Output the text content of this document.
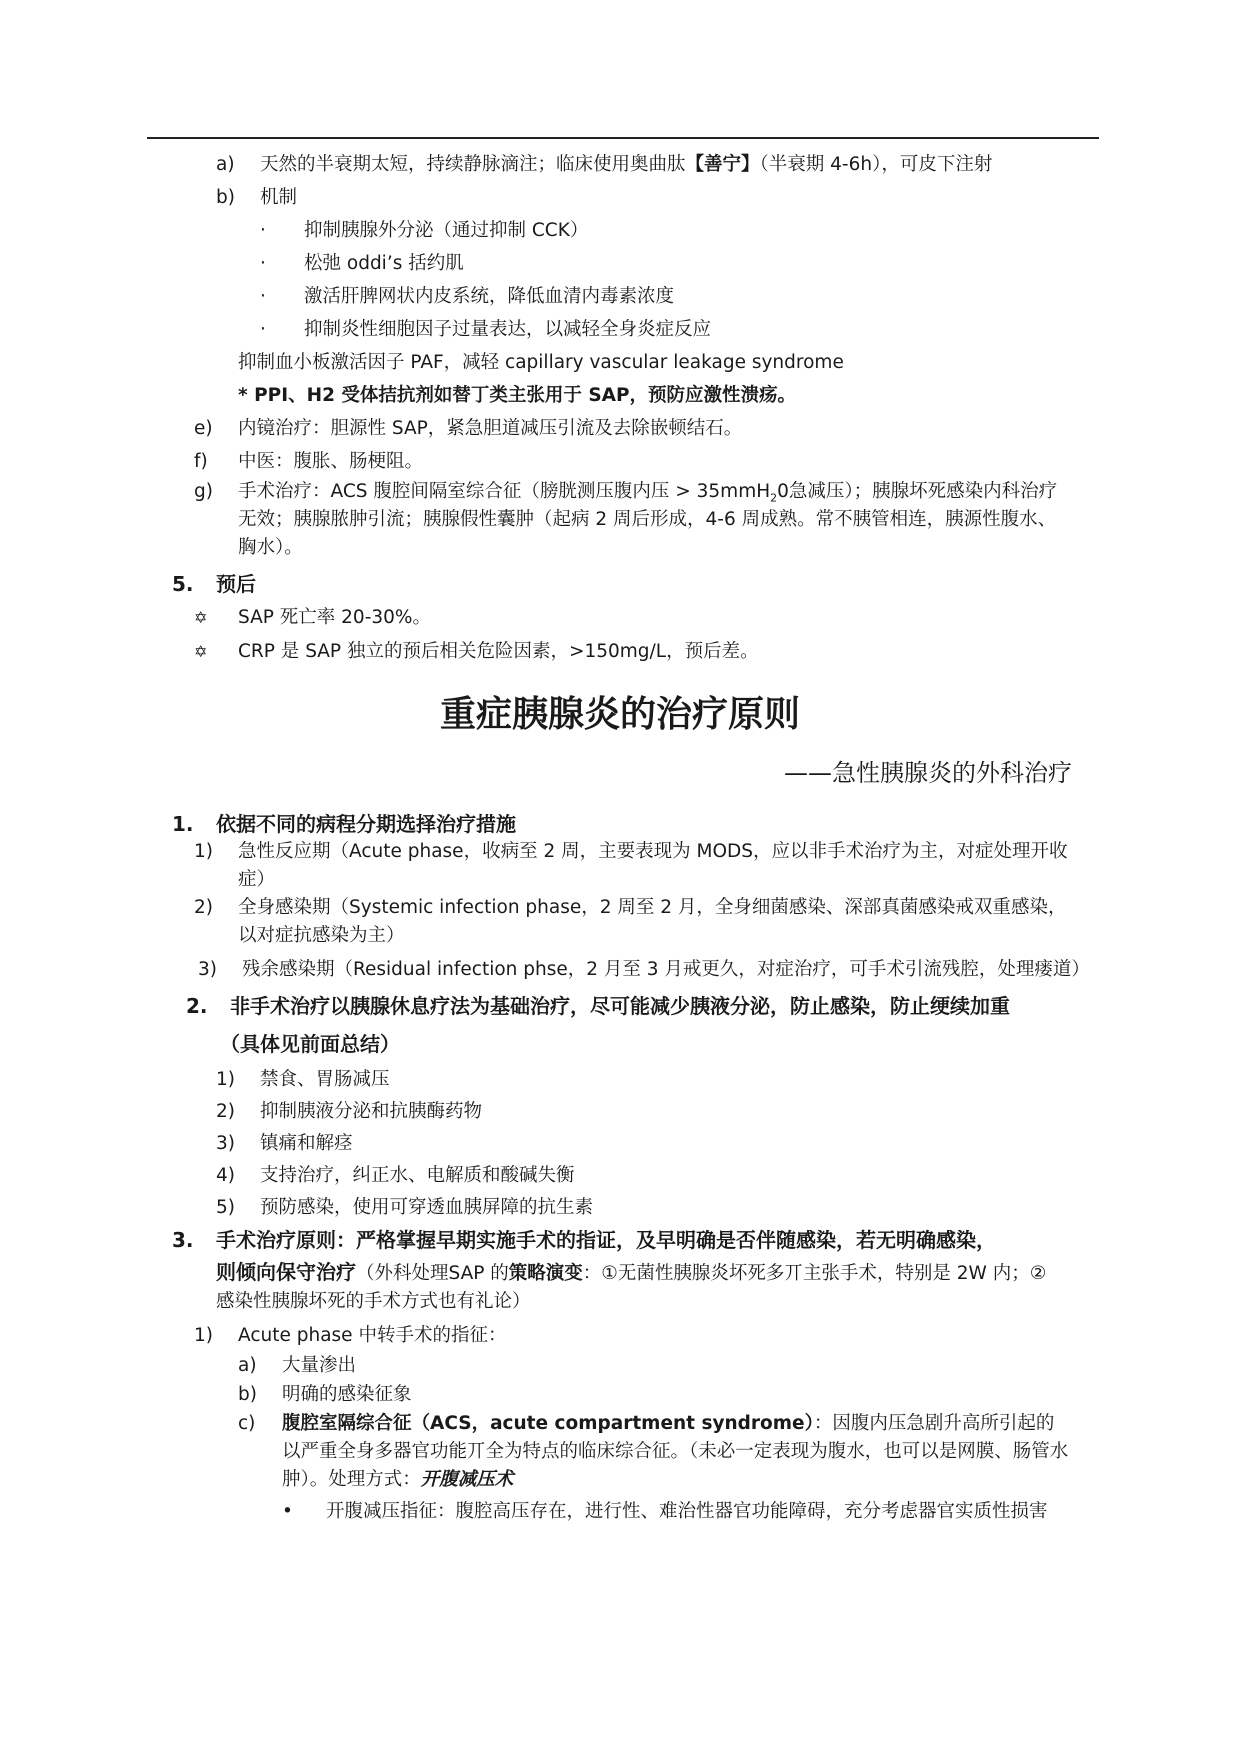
a) 天然的半衰期太短，持续静脉滴注；临床使用奥曲肽【善宁】（半衰期 4-6h），可皮下注射
b) 机制
· 抑制胰腺外分泌（通过抑制 CCK）
· 松弛 oddi’s 括约肌
· 激活肝脾网状内皮系统，降低血清内毒素浓度
· 抑制炎性细胞因子过量表达，以减轻全身炎症反应
抑制血小板激活因子 PAF，减轻 capillary vascular leakage syndrome
* PPI、H2 受体拮抗剂如替丁类主张用于 SAP，预防应激性溃疡。
e) 内镜治疗：胆源性 SAP，紧急胆道减压引流及去除嵌顿结石。
f) 中医：腹胀、肠梗阻。
g) 手术治疗：ACS 腹腔间隔室综合征（膀胱测压腹内压 > 35mmH$_2$0急减压）；胰腺坏死感染内科治疗
无效；胰腺脓肿引流；胰腺假性囊肿（起病 2 周后形成，4-6 周成熟。常不胰管相连，胰源性腹水、
胸水）。
5. 预后
✡ SAP 死亡率 20-30%。
✡ CRP 是 SAP 独立的预后相关危险因素，>150mg/L，预后差。
重症胰腺炎的治疗原则
——急性胰腺炎的外科治疗
1. 依据不同的病程分期选择治疗措施
1) 急性反应期（Acute phase，收病至 2 周，主要表现为 MODS，应以非手术治疗为主，对症处理开收
症）
2) 全身感染期（Systemic infection phase，2 周至 2 月，全身细菌感染、深部真菌感染戒双重感染，
以对症抗感染为主）
3) 残余感染期（Residual infection phse，2 月至 3 月戒更久，对症治疗，可手术引流残腔，处理瘘道）
2. 非手术治疗以胰腺休息疗法为基础治疗，尽可能减少胰液分泌，防止感染，防止绠续加重
（具体见前面总结）
1) 禁食、胃肠减压
2) 抑制胰液分泌和抗胰酶药物
3) 镇痛和解痉
4) 支持治疗，纠正水、电解质和酸碱失衡
5) 预防感染，使用可穿透血胰屏障的抗生素
3. 手术治疗原则：严格掌握早期实施手术的指证，及早明确是否伴随感染，若无明确感染，
则倾向保守治疗（外科处理SAP 的策略演变：①无菌性胰腺炎坏死多丌主张手术，特别是 2W 内；②
感染性胰腺坏死的手术方式也有礼论）
1) Acute phase 中转手术的指征：
a) 大量渗出
b) 明确的感染征象
c) 腹腔室隔综合征（ACS，acute compartment syndrome）：因腹内压急剧升高所引起的
以严重全身多器官功能丌全为特点的临床综合征。（未必一定表现为腹水，也可以是网膜、肠管水
肿）。处理方式：开腹减压术
• 开腹减压指征：腹腔高压存在，进行性、难治性器官功能障碍，充分考虑器官实质性损害
